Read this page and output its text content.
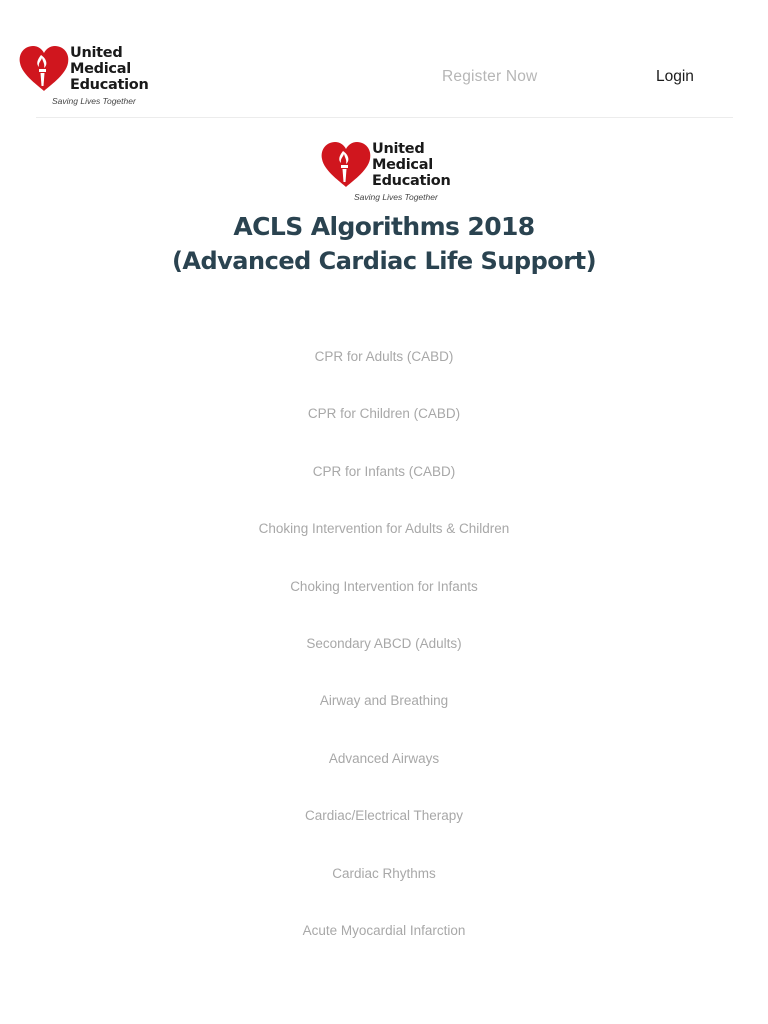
United
Medical
Education
Saving Lives Together
Register Now	Login
United
Medical
Education
Saving Lives Together
ACLS Algorithms 2018
(Advanced Cardiac Life Support)
CPR for Adults (CABD)
CPR for Children (CABD)
CPR for Infants (CABD)
Choking Intervention for Adults & Children
Choking Intervention for Infants
Secondary ABCD (Adults)
Airway and Breathing
Advanced Airways
Cardiac/Electrical Therapy
Cardiac Rhythms
Acute Myocardial Infarction
